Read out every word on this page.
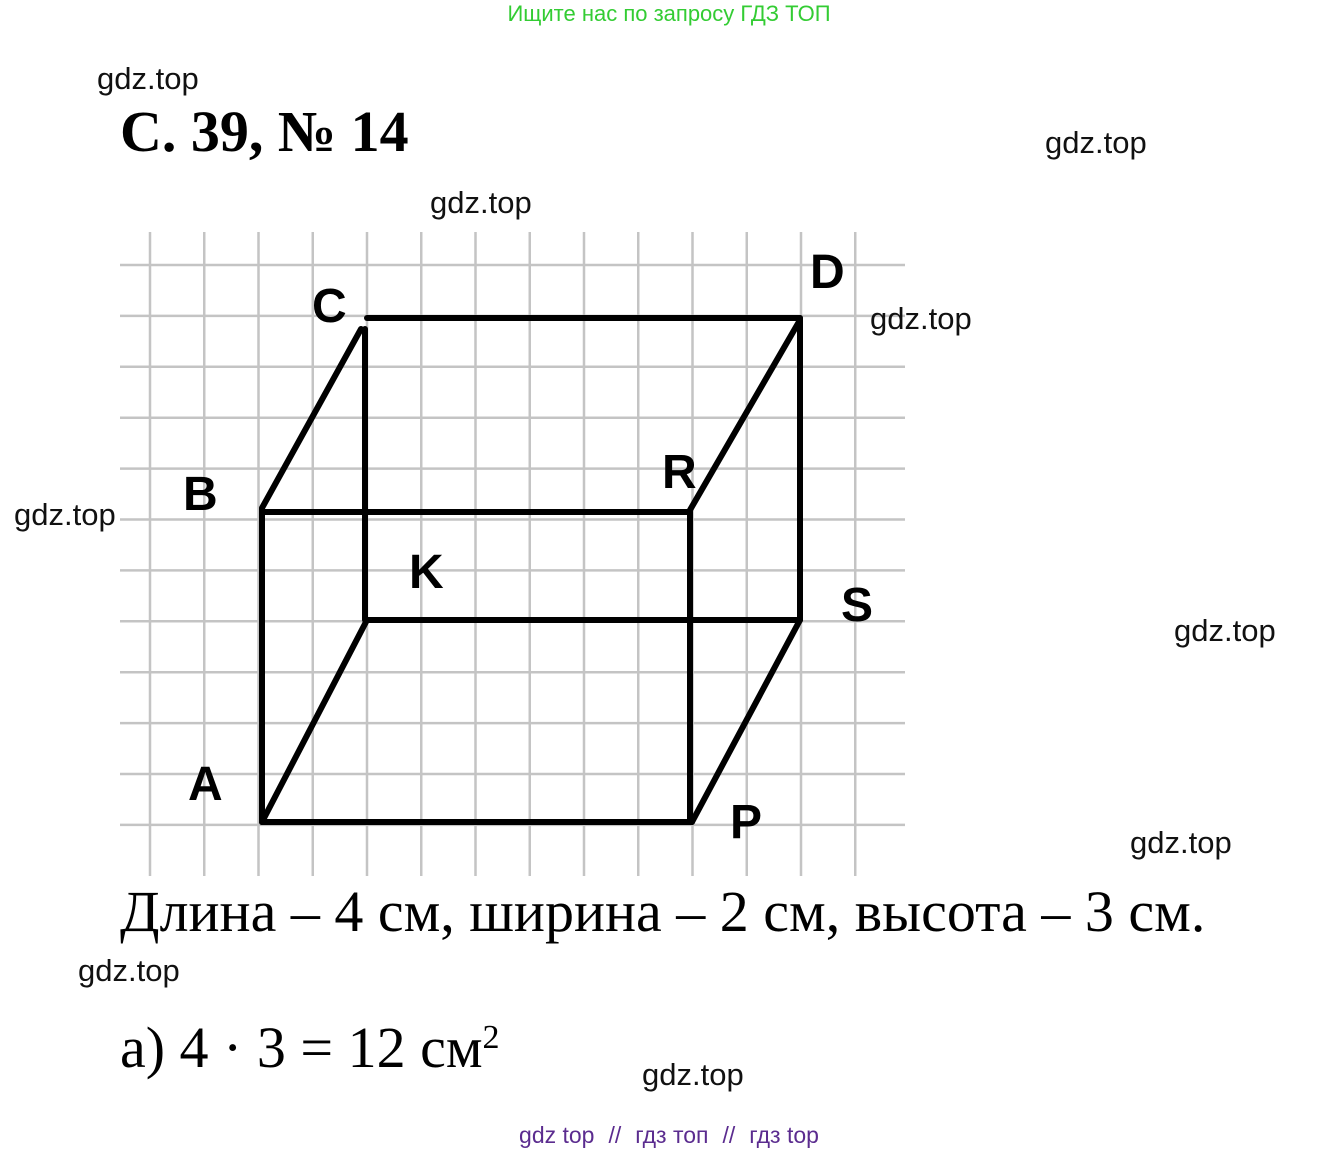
Ищите нас по запросу ГДЗ ТОП
С. 39, № 14
C
D
B	R
K
S
A
P
gdz.top
gdz.top
gdz.top
gdz.top
gdz.top
gdz.top
gdz.top
gdz.top
gdz.top
Длина – 4 см, ширина – 2 см, высота – 3 см.
а) 4 · 3 = 12 $см^2$
gdz top // гдз топ // гдз top
